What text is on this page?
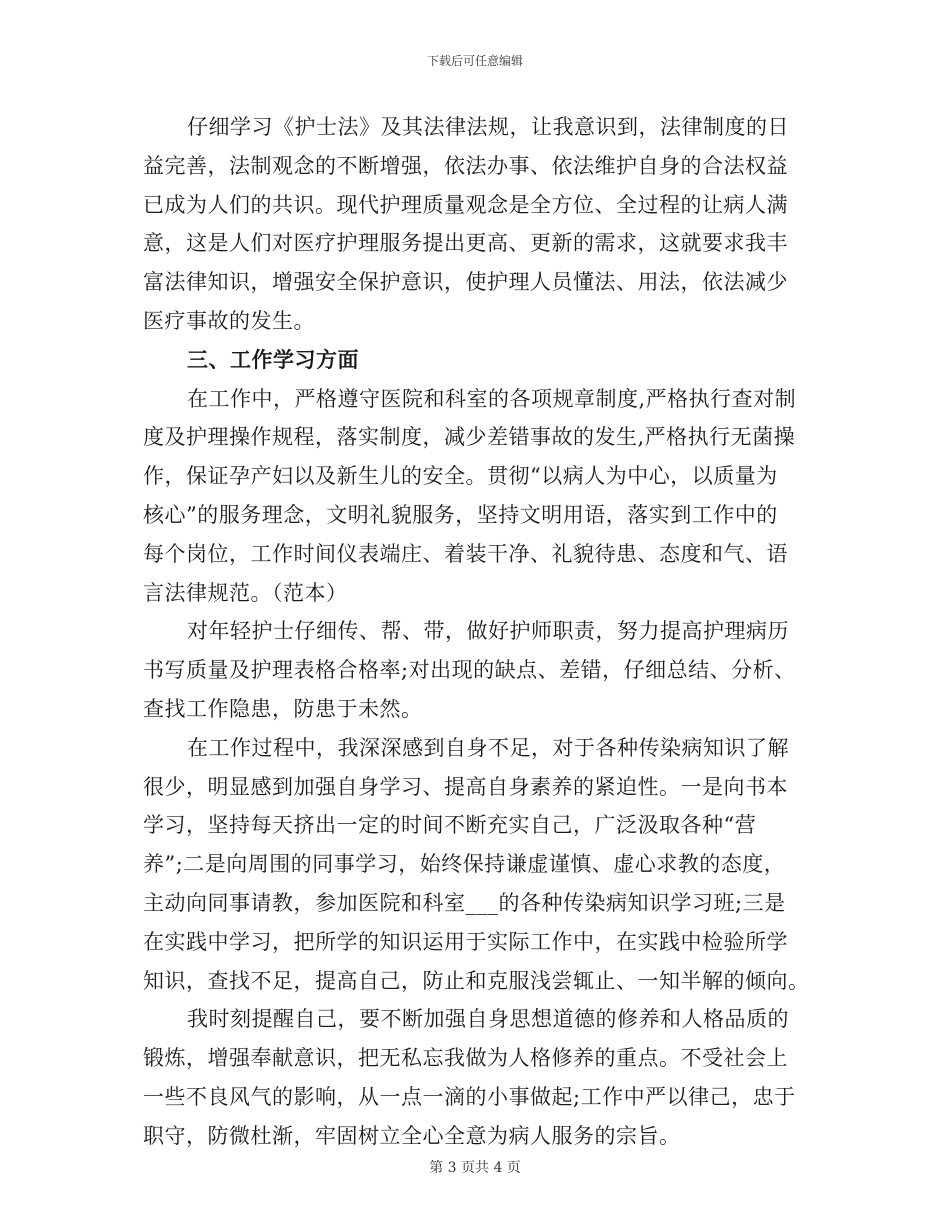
下载后可任意编辑
仔细学习《护士法》及其法律法规，让我意识到，法律制度的日
益完善，法制观念的不断增强，依法办事、依法维护自身的合法权益
已成为人们的共识。现代护理质量观念是全方位、全过程的让病人满
意，这是人们对医疗护理服务提出更高、更新的需求，这就要求我丰
富法律知识，增强安全保护意识，使护理人员懂法、用法，依法减少
医疗事故的发生。
三、工作学习方面
在工作中，严格遵守医院和科室的各项规章制度,严格执行查对制
度及护理操作规程，落实制度，减少差错事故的发生,严格执行无菌操
作，保证孕产妇以及新生儿的安全。贯彻“以病人为中心，以质量为
核心”的服务理念，文明礼貌服务，坚持文明用语，落实到工作中的
每个岗位，工作时间仪表端庄、着装干净、礼貌待患、态度和气、语
言法律规范。（范本）
对年轻护士仔细传、帮、带，做好护师职责，努力提高护理病历
书写质量及护理表格合格率;对出现的缺点、差错，仔细总结、分析、
查找工作隐患，防患于未然。
在工作过程中，我深深感到自身不足，对于各种传染病知识了解
很少，明显感到加强自身学习、提高自身素养的紧迫性。一是向书本
学习，坚持每天挤出一定的时间不断充实自己，广泛汲取各种“营
养”;二是向周围的同事学习，始终保持谦虚谨慎、虚心求教的态度，
主动向同事请教，参加医院和科室___的各种传染病知识学习班;三是
在实践中学习，把所学的知识运用于实际工作中，在实践中检验所学
知识，查找不足，提高自己，防止和克服浅尝辄止、一知半解的倾向。
我时刻提醒自己，要不断加强自身思想道德的修养和人格品质的
锻炼，增强奉献意识，把无私忘我做为人格修养的重点。不受社会上
一些不良风气的影响，从一点一滴的小事做起;工作中严以律己，忠于
职守，防微杜渐，牢固树立全心全意为病人服务的宗旨。
第 3 页共 4 页
